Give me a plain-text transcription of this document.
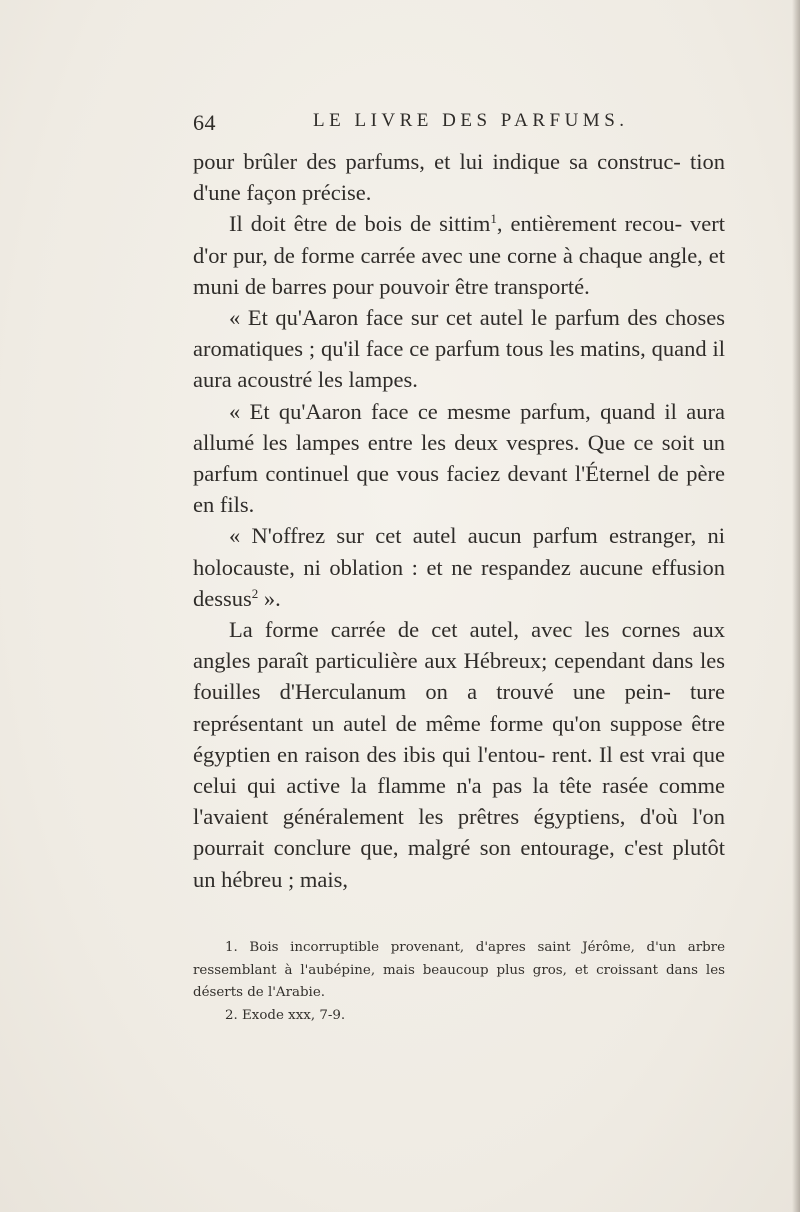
64	LE LIVRE DES PARFUMS.

pour brûler des parfums, et lui indique sa construc- tion d'une façon précise.

Il doit être de bois de sittim$^1$, entièrement recou- vert d'or pur, de forme carrée avec une corne à chaque angle, et muni de barres pour pouvoir être transporté.

« Et qu'Aaron face sur cet autel le parfum des choses aromatiques ; qu'il face ce parfum tous les matins, quand il aura acoustré les lampes.

« Et qu'Aaron face ce mesme parfum, quand il aura allumé les lampes entre les deux vespres. Que ce soit un parfum continuel que vous faciez devant l'Éternel de père en fils.

« N'offrez sur cet autel aucun parfum estranger, ni holocauste, ni oblation : et ne respandez aucune effusion dessus$^2$ ».

La forme carrée de cet autel, avec les cornes aux angles paraît particulière aux Hébreux; cependant dans les fouilles d'Herculanum on a trouvé une pein- ture représentant un autel de même forme qu'on suppose être égyptien en raison des ibis qui l'entou- rent. Il est vrai que celui qui active la flamme n'a pas la tête rasée comme l'avaient généralement les prêtres égyptiens, d'où l'on pourrait conclure que, malgré son entourage, c'est plutôt un hébreu ; mais,

1. Bois incorruptible provenant, d'apres saint Jérôme, d'un arbre ressemblant à l'aubépine, mais beaucoup plus gros, et croissant dans les déserts de l'Arabie.

2. Exode xxx, 7-9.
